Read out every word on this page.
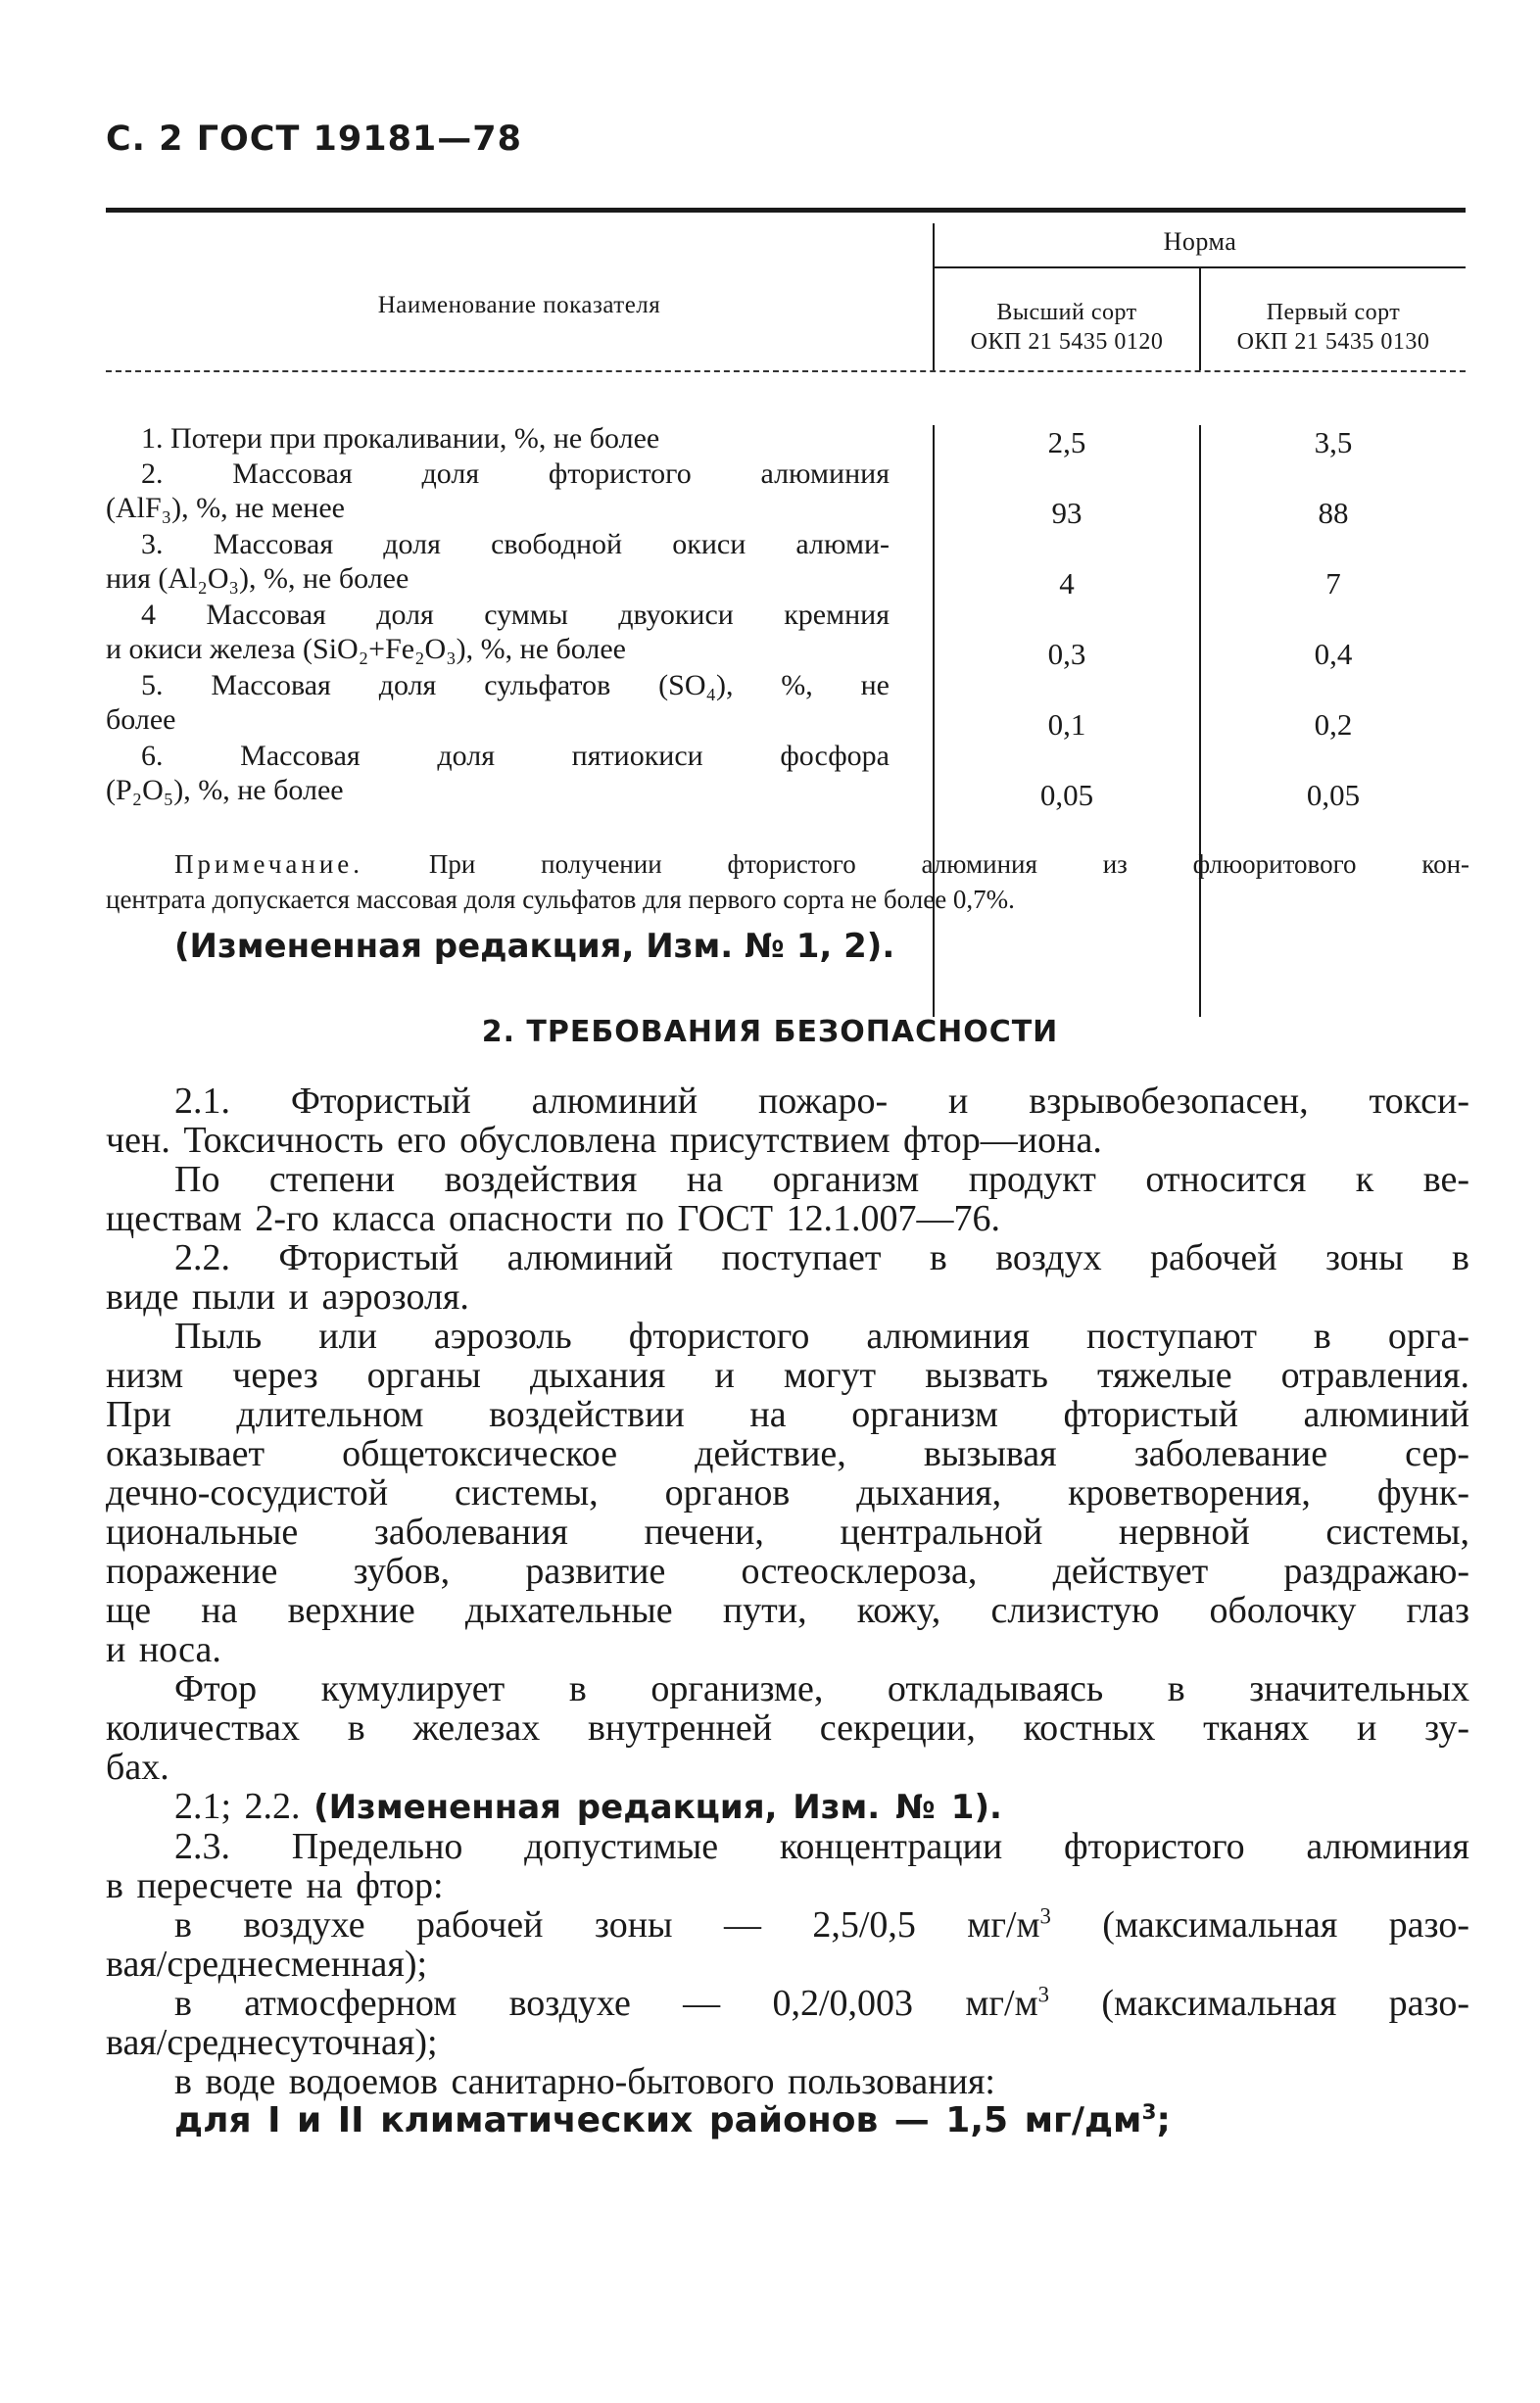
С. 2 ГОСТ 19181—78
Наименование показателя
Норма
Высший сорт
ОКП 21 5435 0120
Первый сорт
ОКП 21 5435 0130
1. Потери при прокаливании, %, не более	2,5	3,5
2. Массовая доля фтористого алюминия
(AlF₃), %, не менее	93	88
3. Массовая доля свободной окиси алюми-
ния (Al₂O₃), %, не более	4	7
4 Массовая доля суммы двуокиси кремния
и окиси железа (SiO₂+Fe₂O₃), %, не более	0,3	0,4
5. Массовая доля сульфатов (SO₄), %, не
более	0,1	0,2
6. Массовая доля пятиокиси фосфора
(P₂O₅), %, не более	0,05	0,05
Примечание. При получении фтористого алюминия из флюоритового кон-
центрата допускается массовая доля сульфатов для первого сорта не более 0,7%.
(Измененная редакция, Изм. № 1, 2).
2. ТРЕБОВАНИЯ БЕЗОПАСНОСТИ

2.1. Фтористый алюминий пожаро- и взрывобезопасен, токси-
чен. Токсичность его обусловлена присутствием фтор—иона.

По степени воздействия на организм продукт относится к ве-
ществам 2-го класса опасности по ГОСТ 12.1.007—76.

2.2. Фтористый алюминий поступает в воздух рабочей зоны в
виде пыли и аэрозоля.

Пыль или аэрозоль фтористого алюминия поступают в орга-
низм через органы дыхания и могут вызвать тяжелые отравления.
При длительном воздействии на организм фтористый алюминий
оказывает общетоксическое действие, вызывая заболевание сер-
дечно-сосудистой системы, органов дыхания, кроветворения, функ-
циональные заболевания печени, центральной нервной системы,
поражение зубов, развитие остеосклероза, действует раздражаю-
ще на верхние дыхательные пути, кожу, слизистую оболочку глаз
и носа.

Фтор кумулирует в организме, откладываясь в значительных
количествах в железах внутренней секреции, костных тканях и зу-
бах.

2.1; 2.2. (Измененная редакция, Изм. № 1).

2.3. Предельно допустимые концентрации фтористого алюминия
в пересчете на фтор:

в воздухе рабочей зоны — 2,5/0,5 $мг/м^3$ (максимальная разо-
вая/среднесменная);

в атмосферном воздухе — 0,2/0,003 $мг/м^3$ (максимальная разо-
вая/среднесуточная);

в воде водоемов санитарно-бытового пользования:

для I и II климатических районов — 1,5 $мг/дм^3$;
